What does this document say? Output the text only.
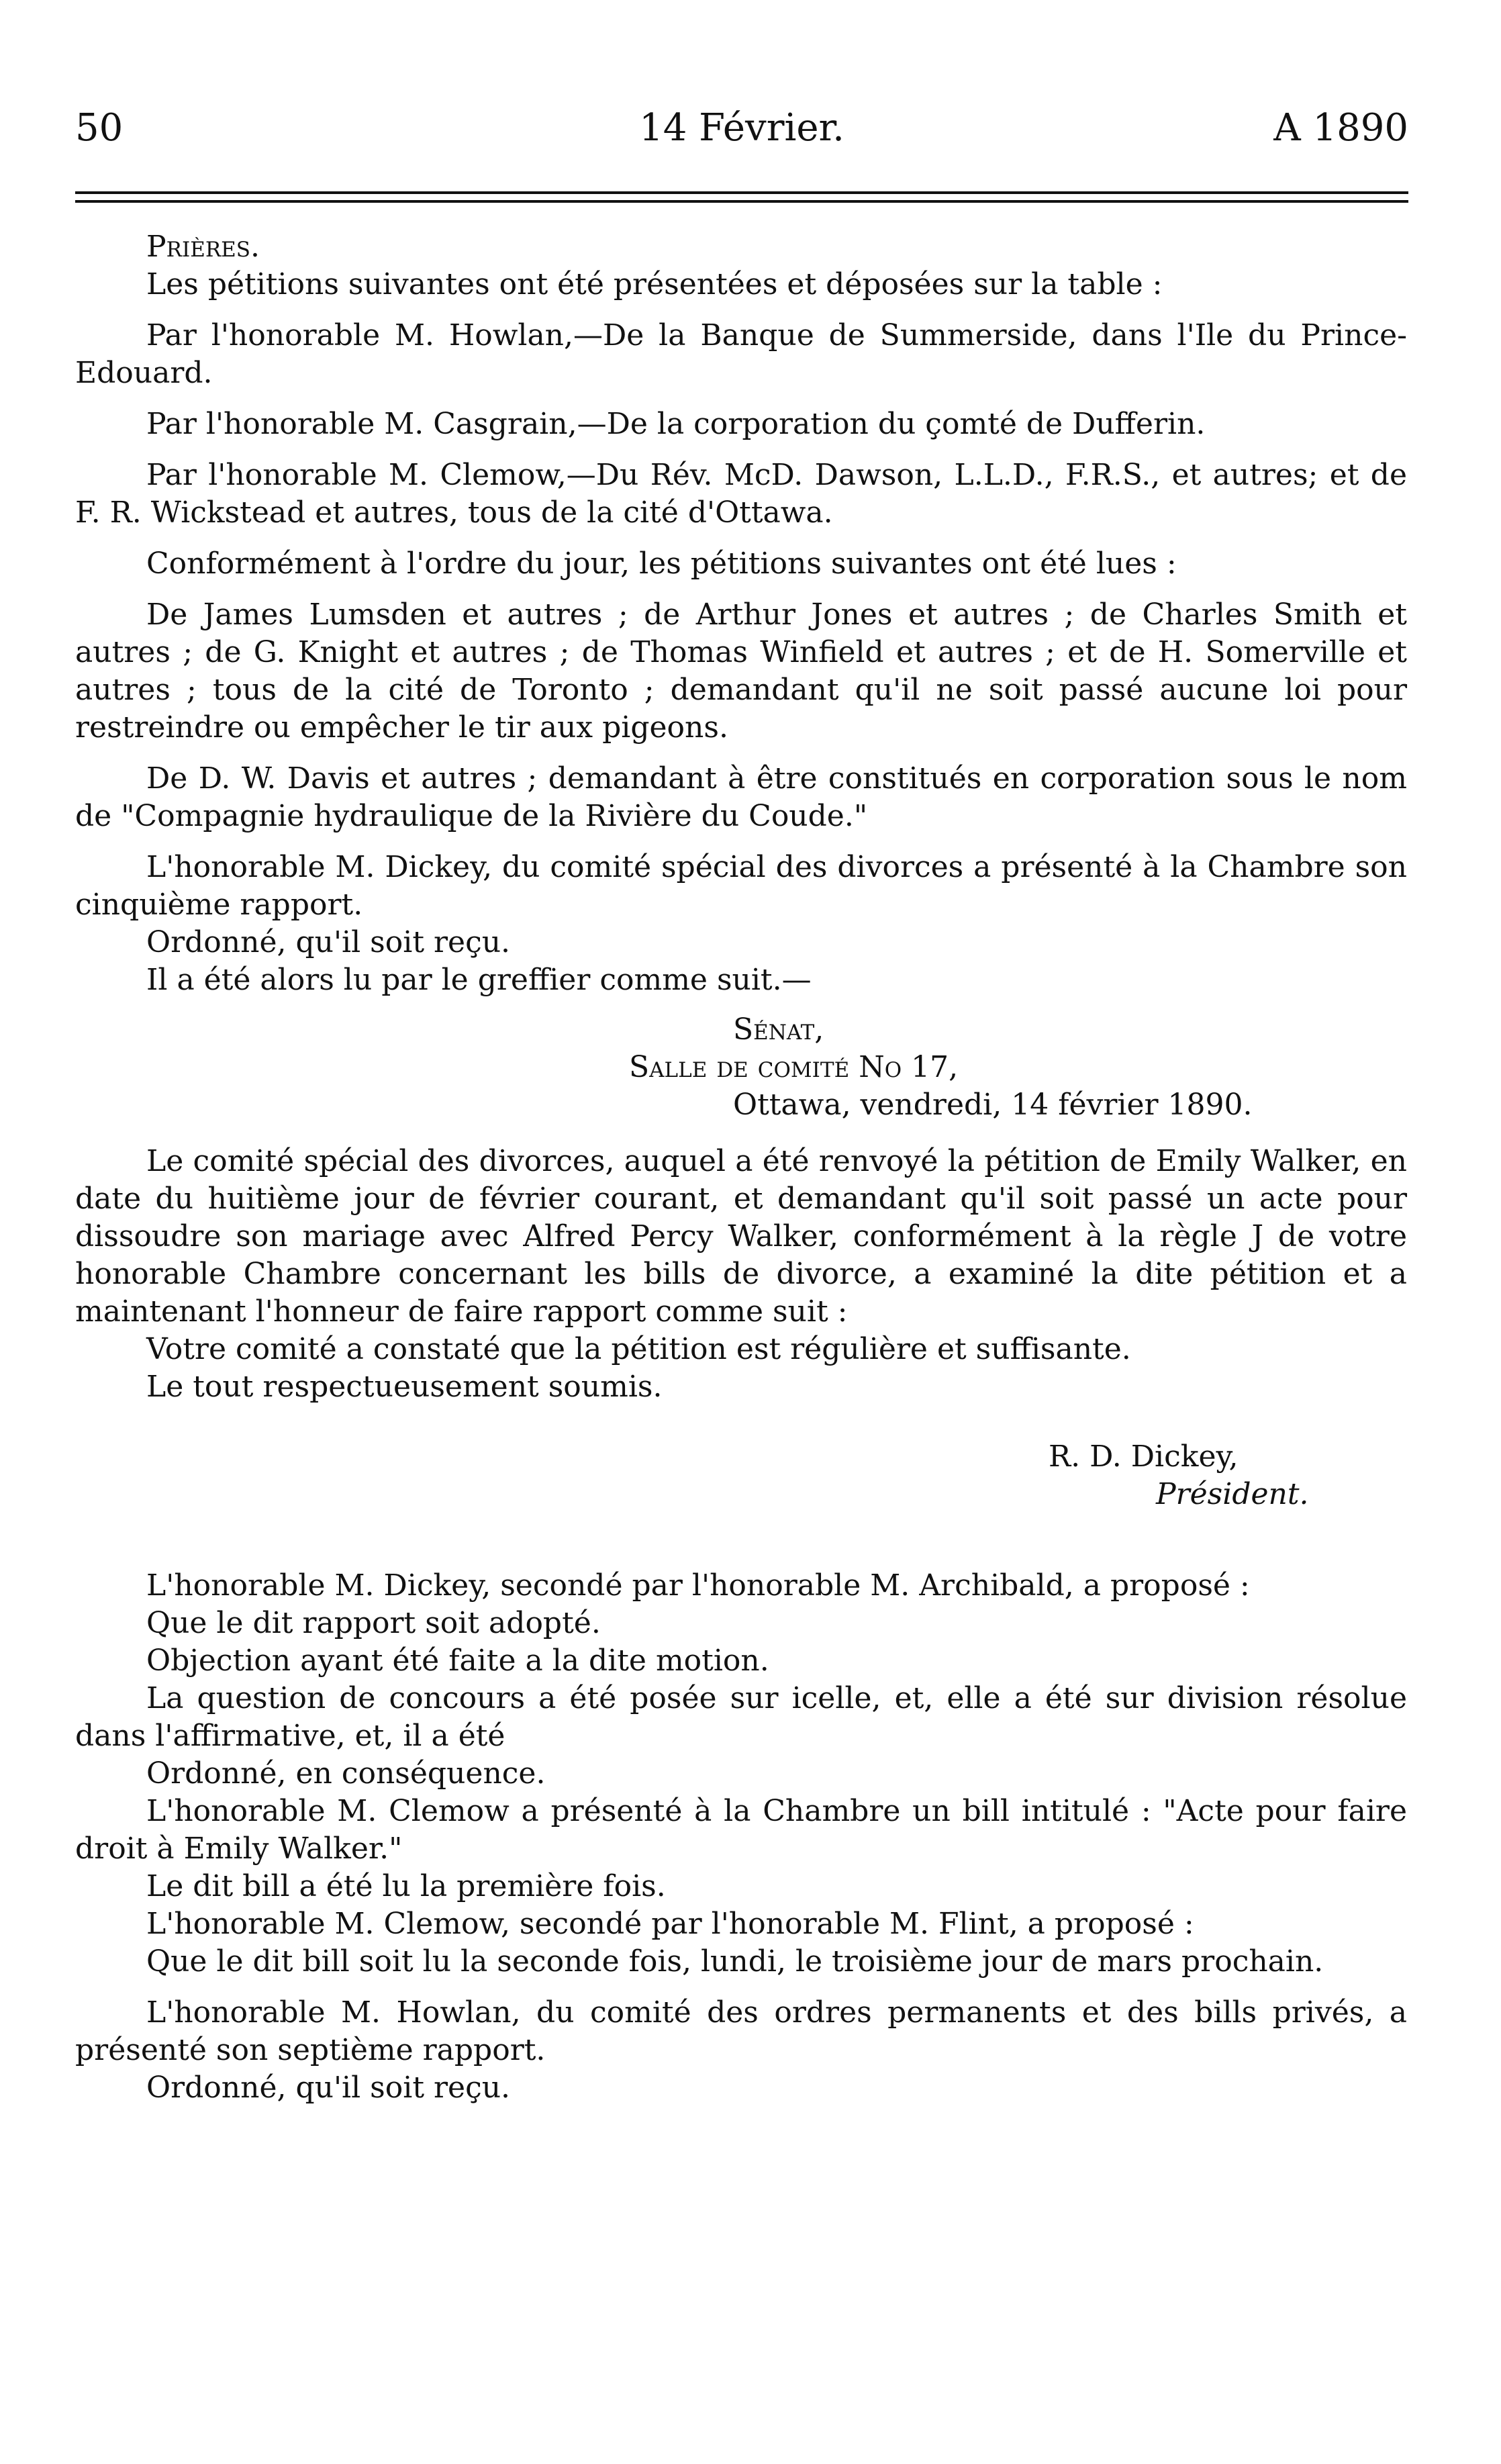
50	14 Février.	A 1890

Prières.

Les pétitions suivantes ont été présentées et déposées sur la table :

Par l'honorable M. Howlan,—De la Banque de Summerside, dans l'Ile du Prince-Edouard.

Par l'honorable M. Casgrain,—De la corporation du çomté de Dufferin.

Par l'honorable M. Clemow,—Du Rév. McD. Dawson, L.L.D., F.R.S., et autres; et de F. R. Wickstead et autres, tous de la cité d'Ottawa.

Conformément à l'ordre du jour, les pétitions suivantes ont été lues :

De James Lumsden et autres ; de Arthur Jones et autres ; de Charles Smith et autres ; de G. Knight et autres ; de Thomas Winfield et autres ; et de H. Somerville et autres ; tous de la cité de Toronto ; demandant qu'il ne soit passé aucune loi pour restreindre ou empêcher le tir aux pigeons.

De D. W. Davis et autres ; demandant à être constitués en corporation sous le nom de "Compagnie hydraulique de la Rivière du Coude."

L'honorable M. Dickey, du comité spécial des divorces a présenté à la Chambre son cinquième rapport.

Ordonné, qu'il soit reçu.

Il a été alors lu par le greffier comme suit.—

Sénat,
Salle de comité No 17,
Ottawa, vendredi, 14 février 1890.

Le comité spécial des divorces, auquel a été renvoyé la pétition de Emily Walker, en date du huitième jour de février courant, et demandant qu'il soit passé un acte pour dissoudre son mariage avec Alfred Percy Walker, conformément à la règle J de votre honorable Chambre concernant les bills de divorce, a examiné la dite pétition et a maintenant l'honneur de faire rapport comme suit :

Votre comité a constaté que la pétition est régulière et suffisante.

Le tout respectueusement soumis.

R. D. Dickey,
Président.

L'honorable M. Dickey, secondé par l'honorable M. Archibald, a proposé :

Que le dit rapport soit adopté.

Objection ayant été faite a la dite motion.

La question de concours a été posée sur icelle, et, elle a été sur division résolue dans l'affirmative, et, il a été

Ordonné, en conséquence.

L'honorable M. Clemow a présenté à la Chambre un bill intitulé : "Acte pour faire droit à Emily Walker."

Le dit bill a été lu la première fois.

L'honorable M. Clemow, secondé par l'honorable M. Flint, a proposé :

Que le dit bill soit lu la seconde fois, lundi, le troisième jour de mars prochain.

L'honorable M. Howlan, du comité des ordres permanents et des bills privés, a présenté son septième rapport.

Ordonné, qu'il soit reçu.
